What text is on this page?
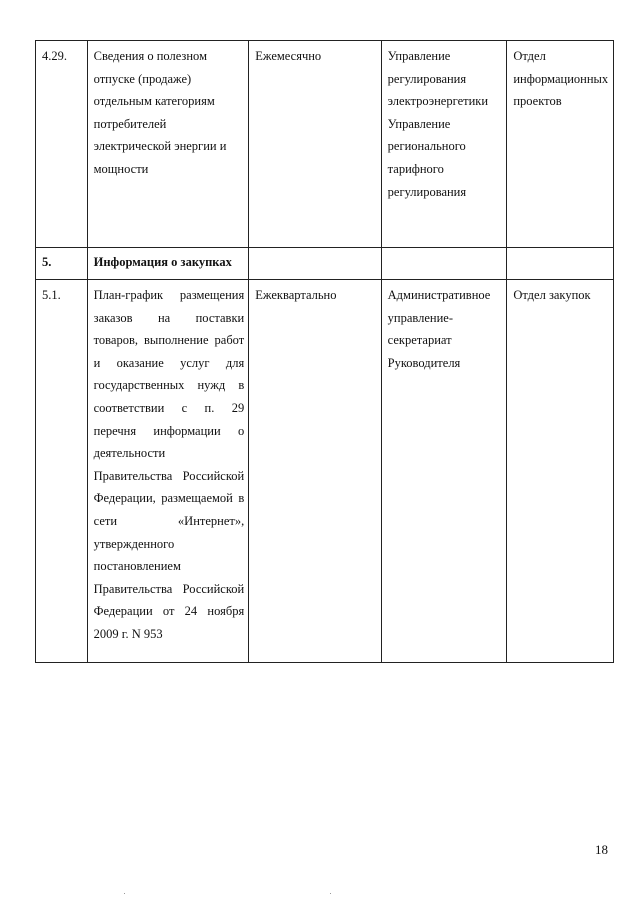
4.29.	Сведения о полезном отпуске (продаже) отдельным категориям потребителей электрической энергии и мощности	Ежемесячно	Управление регулирования электроэнергетики Управление регионального тарифного регулирования	Отдел информационных проектов
5.	Информация о закупках			
5.1.	План-график размещения заказов на поставки товаров, выполнение работ и оказание услуг для государственных нужд в соответствии с п. 29 перечня информации о деятельности Правительства Российской Федерации, размещаемой в сети «Интернет», утвержденного постановлением Правительства Российской Федерации от 24 ноября 2009 г. N 953	Ежеквартально	Административное управление-секретариат Руководителя	Отдел закупок
18
